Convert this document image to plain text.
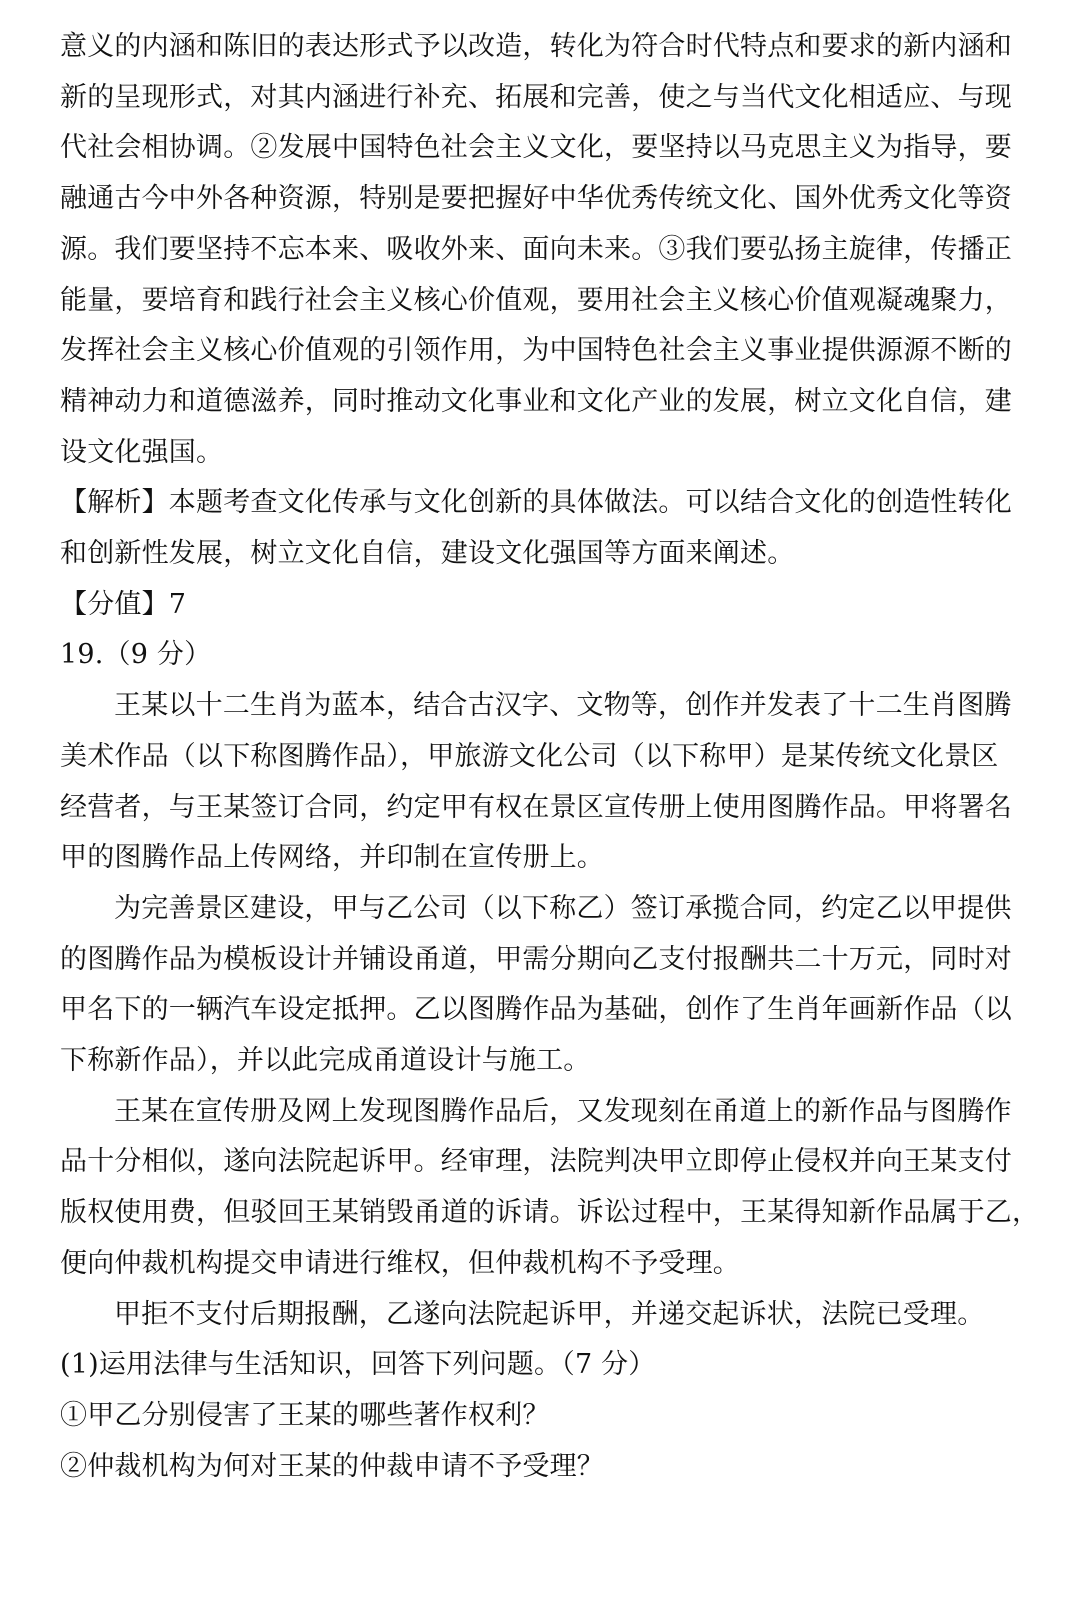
意义的内涵和陈旧的表达形式予以改造，转化为符合时代特点和要求的新内涵和
新的呈现形式，对其内涵进行补充、拓展和完善，使之与当代文化相适应、与现
代社会相协调。②发展中国特色社会主义文化，要坚持以马克思主义为指导，要
融通古今中外各种资源，特别是要把握好中华优秀传统文化、国外优秀文化等资
源。我们要坚持不忘本来、吸收外来、面向未来。③我们要弘扬主旋律，传播正
能量，要培育和践行社会主义核心价值观，要用社会主义核心价值观凝魂聚力，
发挥社会主义核心价值观的引领作用，为中国特色社会主义事业提供源源不断的
精神动力和道德滋养，同时推动文化事业和文化产业的发展，树立文化自信，建
设文化强国。
【解析】本题考查文化传承与文化创新的具体做法。可以结合文化的创造性转化
和创新性发展，树立文化自信，建设文化强国等方面来阐述。
【分值】7
19.（9 分）
王某以十二生肖为蓝本，结合古汉字、文物等，创作并发表了十二生肖图腾
美术作品（以下称图腾作品），甲旅游文化公司（以下称甲）是某传统文化景区
经营者，与王某签订合同，约定甲有权在景区宣传册上使用图腾作品。甲将署名
甲的图腾作品上传网络，并印制在宣传册上。
为完善景区建设，甲与乙公司（以下称乙）签订承揽合同，约定乙以甲提供
的图腾作品为模板设计并铺设甬道，甲需分期向乙支付报酬共二十万元，同时对
甲名下的一辆汽车设定抵押。乙以图腾作品为基础，创作了生肖年画新作品（以
下称新作品），并以此完成甬道设计与施工。
王某在宣传册及网上发现图腾作品后，又发现刻在甬道上的新作品与图腾作
品十分相似，遂向法院起诉甲。经审理，法院判决甲立即停止侵权并向王某支付
版权使用费，但驳回王某销毁甬道的诉请。诉讼过程中，王某得知新作品属于乙，
便向仲裁机构提交申请进行维权，但仲裁机构不予受理。
甲拒不支付后期报酬，乙遂向法院起诉甲，并递交起诉状，法院已受理。
(1)运用法律与生活知识，回答下列问题。（7 分）
①甲乙分别侵害了王某的哪些著作权利？
②仲裁机构为何对王某的仲裁申请不予受理？
